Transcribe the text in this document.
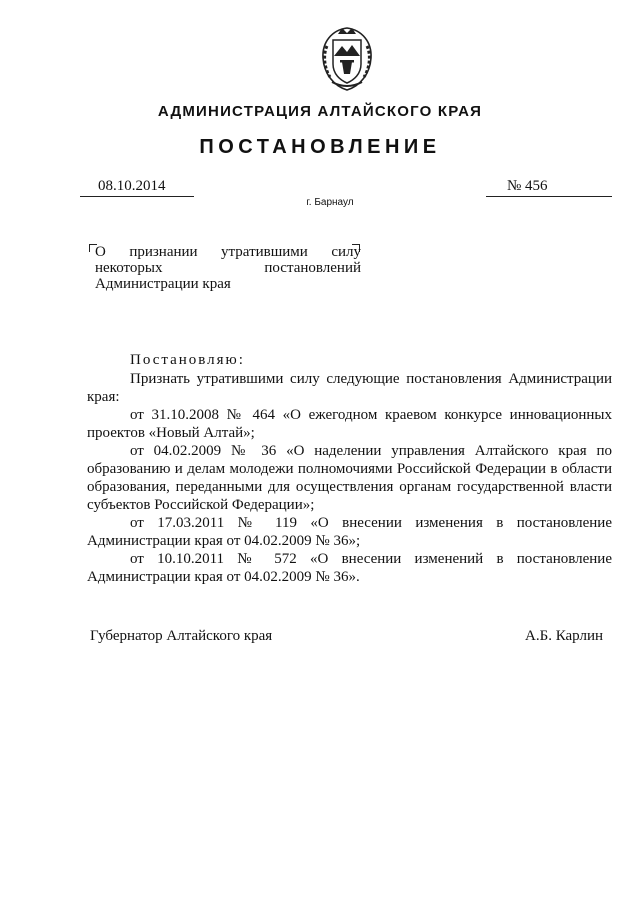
АДМИНИСТРАЦИЯ АЛТАЙСКОГО КРАЯ
ПОСТАНОВЛЕНИЕ
08.10.2014	№ 456
г. Барнаул
О признании утратившими силу некоторых постановлений Администрации края
Постановляю:

Признать утратившими силу следующие постановления Администрации края:

от 31.10.2008 № 464 «О ежегодном краевом конкурсе инновационных проектов «Новый Алтай»;

от 04.02.2009 № 36 «О наделении управления Алтайского края по образованию и делам молодежи полномочиями Российской Федерации в области образования, переданными для осуществления органам государственной власти субъектов Российской Федерации»;

от 17.03.2011 № 119 «О внесении изменения в постановление Администрации края от 04.02.2009 № 36»;

от 10.10.2011 № 572 «О внесении изменений в постановление Администрации края от 04.02.2009 № 36».

Губернатор Алтайского края	А.Б. Карлин
